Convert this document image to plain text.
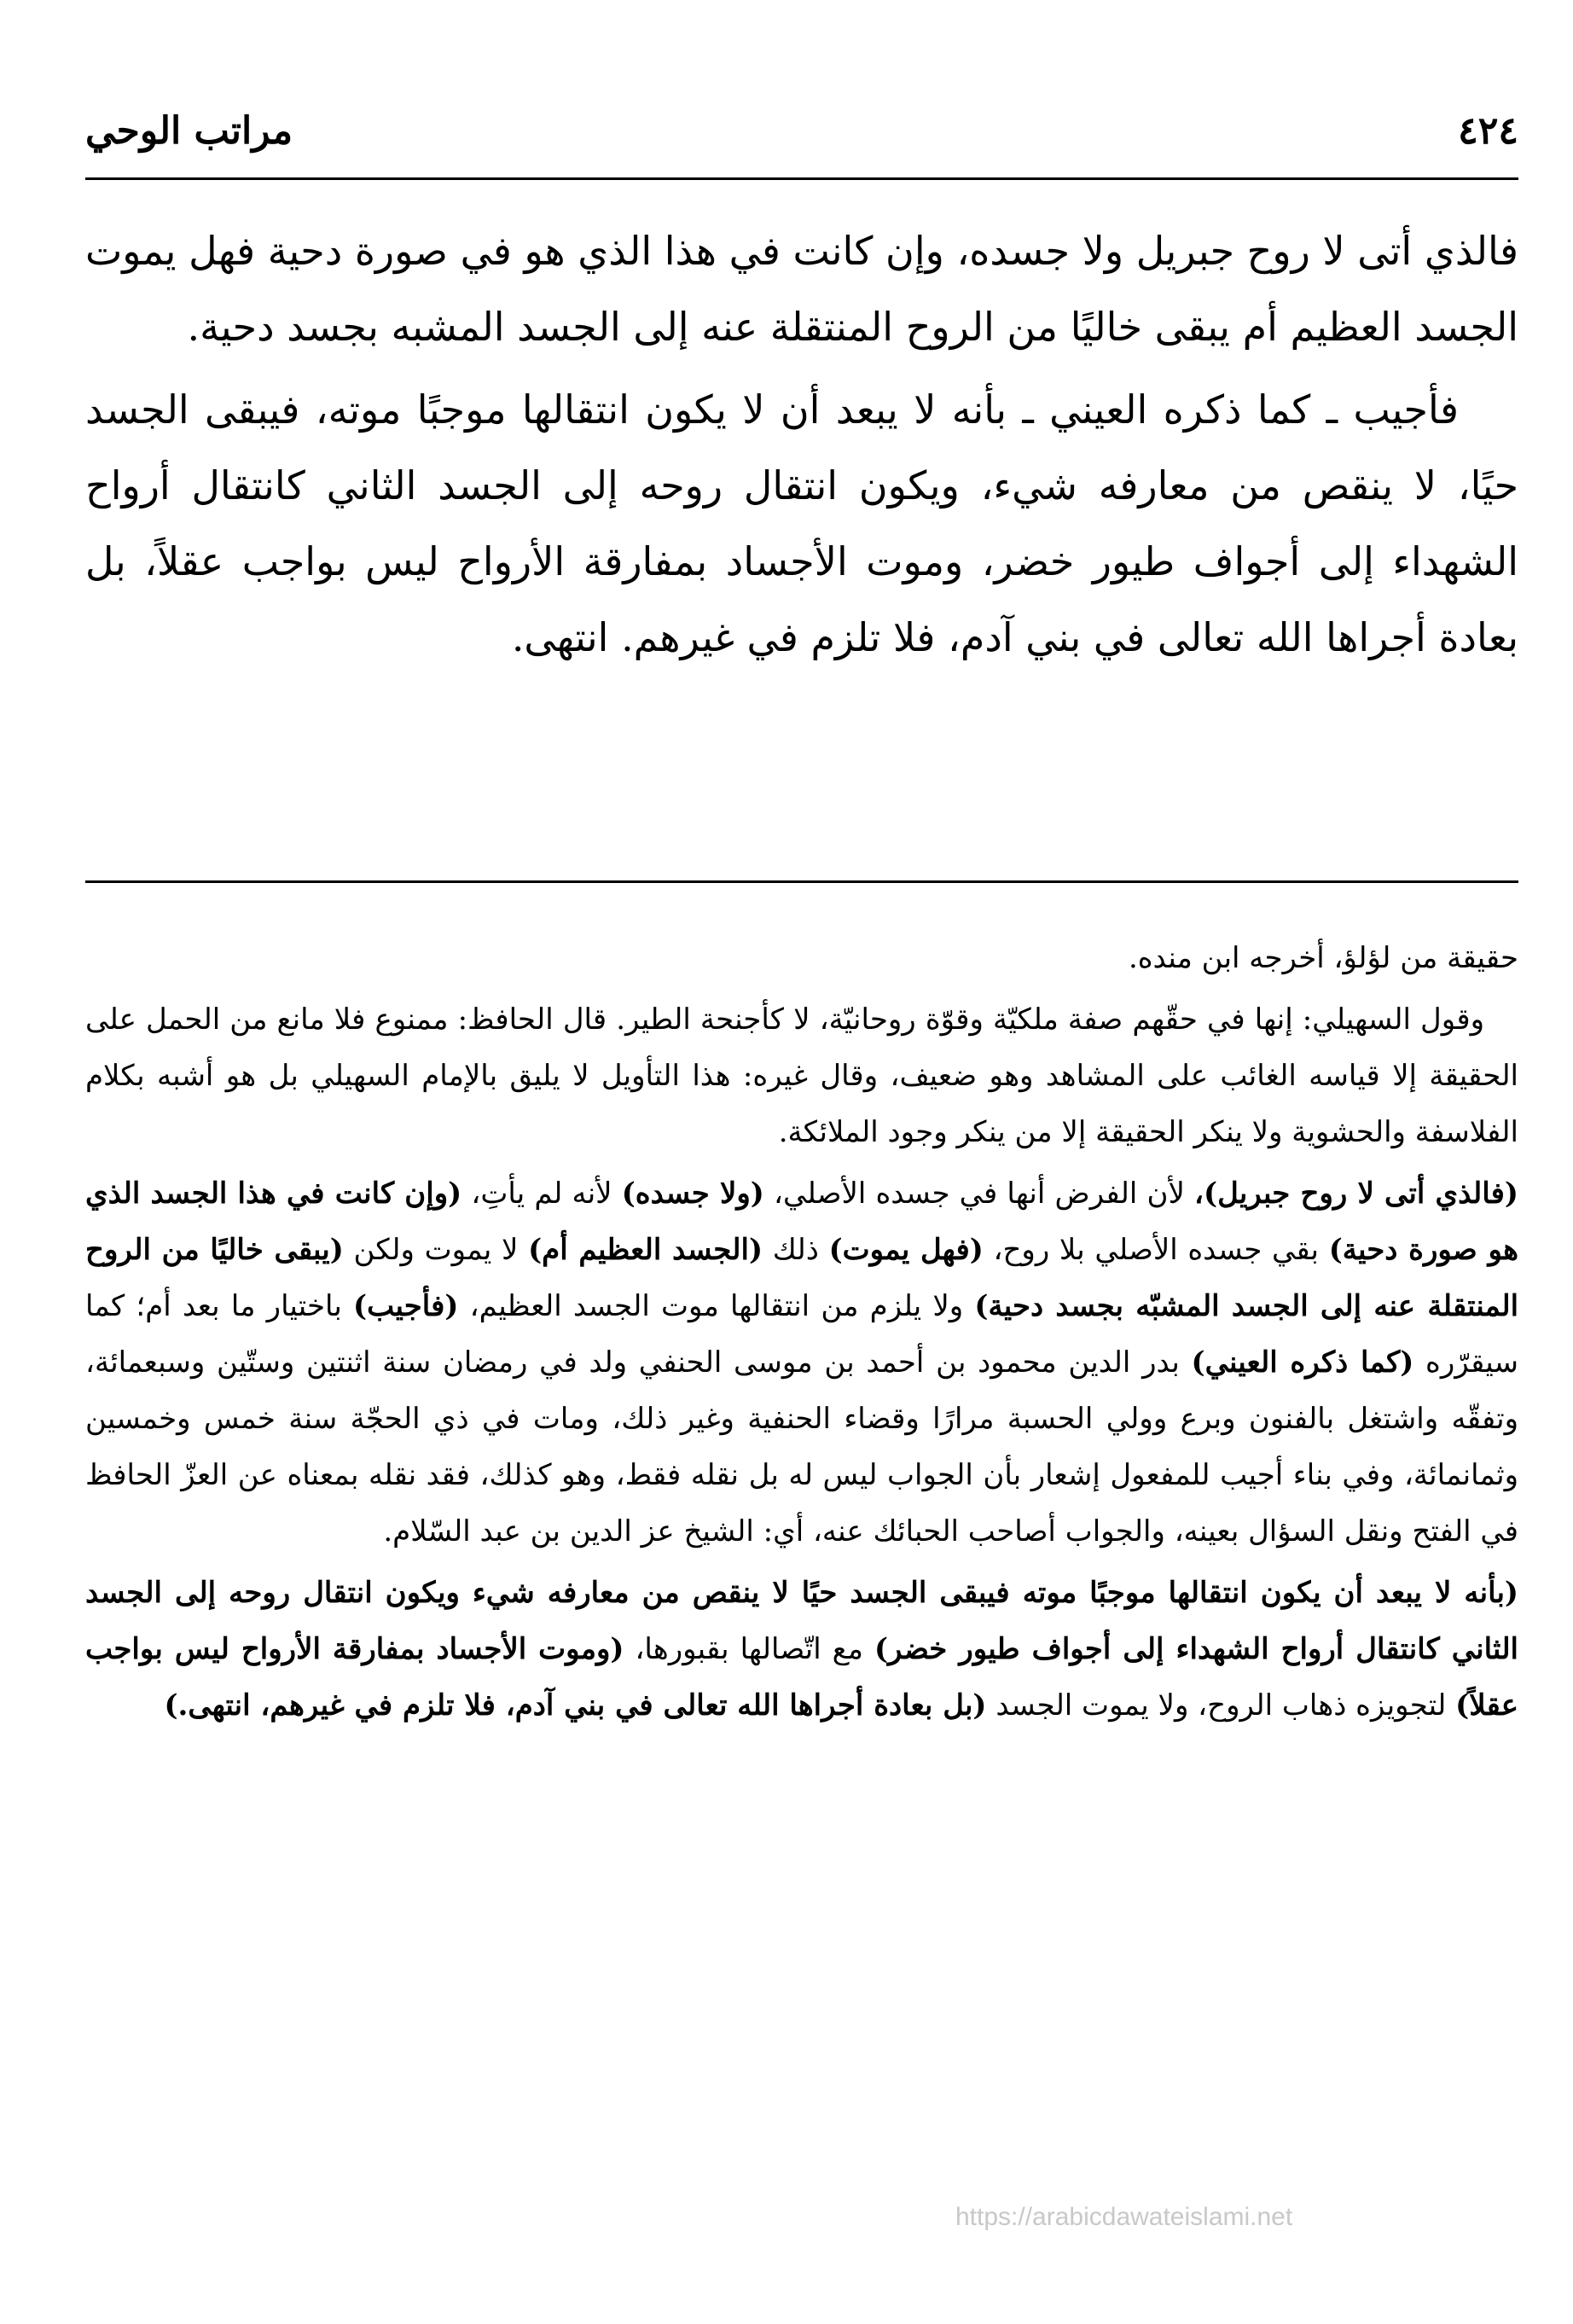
٤٢٤
مراتب الوحي

فالذي أتى لا روح جبريل ولا جسده، وإن كانت في هذا الذي هو في صورة دحية فهل يموت الجسد العظيم أم يبقى خاليًا من الروح المنتقلة عنه إلى الجسد المشبه بجسد دحية.

فأجيب ـ كما ذكره العيني ـ بأنه لا يبعد أن لا يكون انتقالها موجبًا موته، فيبقى الجسد حيًا، لا ينقص من معارفه شيء، ويكون انتقال روحه إلى الجسد الثاني كانتقال أرواح الشهداء إلى أجواف طيور خضر، وموت الأجساد بمفارقة الأرواح ليس بواجب عقلاً، بل بعادة أجراها الله تعالى في بني آدم، فلا تلزم في غيرهم. انتهى.

حقيقة من لؤلؤ، أخرجه ابن منده.

وقول السهيلي: إنها في حقّهم صفة ملكيّة وقوّة روحانيّة، لا كأجنحة الطير. قال الحافظ: ممنوع فلا مانع من الحمل على الحقيقة إلا قياسه الغائب على المشاهد وهو ضعيف، وقال غيره: هذا التأويل لا يليق بالإمام السهيلي بل هو أشبه بكلام الفلاسفة والحشوية ولا ينكر الحقيقة إلا من ينكر وجود الملائكة.

(فالذي أتى لا روح جبريل)، لأن الفرض أنها في جسده الأصلي، (ولا جسده) لأنه لم يأتِ، (وإن كانت في هذا الجسد الذي هو صورة دحية) بقي جسده الأصلي بلا روح، (فهل يموت) ذلك (الجسد العظيم أم) لا يموت ولكن (يبقى خاليًا من الروح المنتقلة عنه إلى الجسد المشبّه بجسد دحية) ولا يلزم من انتقالها موت الجسد العظيم، (فأجيب) باختيار ما بعد أم؛ كما سيقرّره (كما ذكره العيني) بدر الدين محمود بن أحمد بن موسى الحنفي ولد في رمضان سنة اثنتين وستّين وسبعمائة، وتفقّه واشتغل بالفنون وبرع وولي الحسبة مرارًا وقضاء الحنفية وغير ذلك، ومات في ذي الحجّة سنة خمس وخمسين وثمانمائة، وفي بناء أجيب للمفعول إشعار بأن الجواب ليس له بل نقله فقط، وهو كذلك، فقد نقله بمعناه عن العزّ الحافظ في الفتح ونقل السؤال بعينه، والجواب أصاحب الحبائك عنه، أي: الشيخ عز الدين بن عبد السّلام.

(بأنه لا يبعد أن يكون انتقالها موجبًا موته فيبقى الجسد حيًا لا ينقص من معارفه شيء ويكون انتقال روحه إلى الجسد الثاني كانتقال أرواح الشهداء إلى أجواف طيور خضر) مع اتّصالها بقبورها، (وموت الأجساد بمفارقة الأرواح ليس بواجب عقلاً) لتجويزه ذهاب الروح، ولا يموت الجسد (بل بعادة أجراها الله تعالى في بني آدم، فلا تلزم في غيرهم، انتهى.)

https://arabicdawateislami.net
